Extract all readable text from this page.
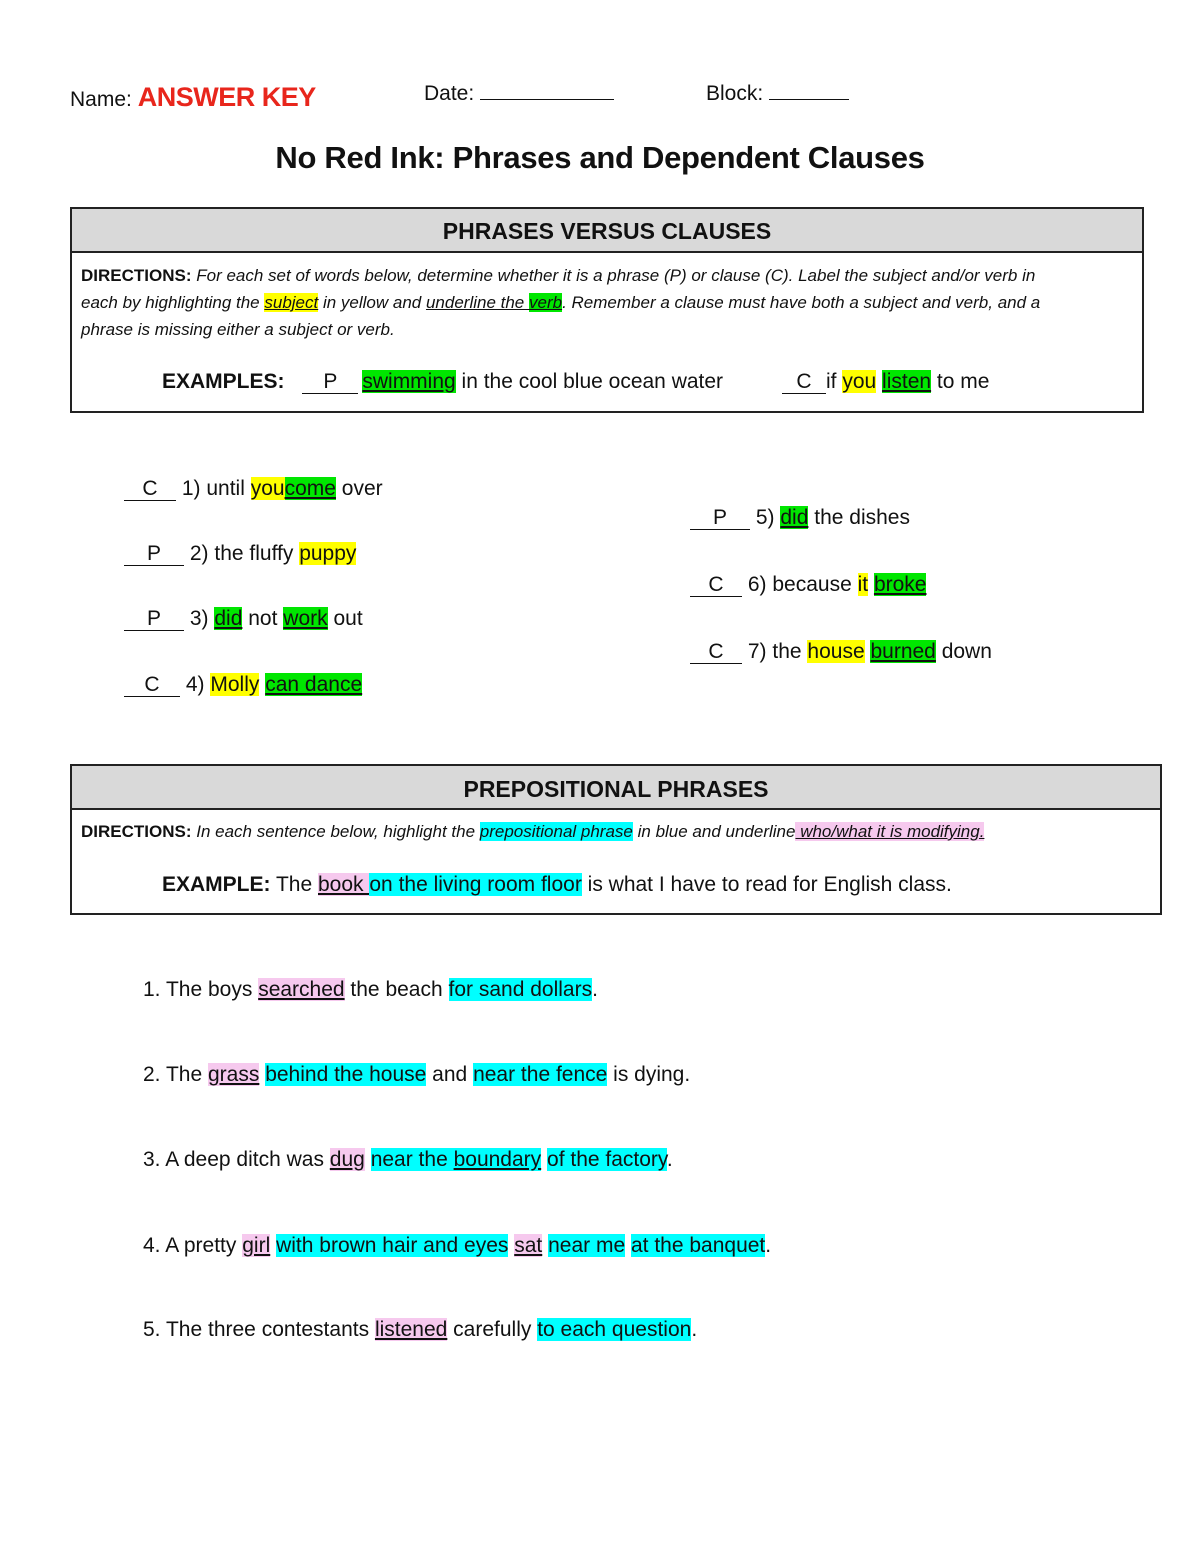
Name: ANSWER KEY	Date:	Block:
No Red Ink: Phrases and Dependent Clauses
PHRASES VERSUS CLAUSES
DIRECTIONS: For each set of words below, determine whether it is a phrase (P) or clause (C). Label the subject and/or verb in
each by highlighting the subject in yellow and underline the verb. Remember a clause must have both a subject and verb, and a
phrase is missing either a subject or verb.
EXAMPLES: P swimming in the cool blue ocean water	C if you listen to me
C 1) until youcome over
P 2) the fluffy puppy
P 3) did not work out
C 4) Molly can dance
P 5) did the dishes
C 6) because it broke
C 7) the house burned down
PREPOSITIONAL PHRASES
DIRECTIONS: In each sentence below, highlight the prepositional phrase in blue and underline who/what it is modifying.
EXAMPLE: The book on the living room floor is what I have to read for English class.
1. The boys searched the beach for sand dollars.
2. The grass behind the house and near the fence is dying.
3. A deep ditch was dug near the boundary of the factory.
4. A pretty girl with brown hair and eyes sat near me at the banquet.
5. The three contestants listened carefully to each question.
